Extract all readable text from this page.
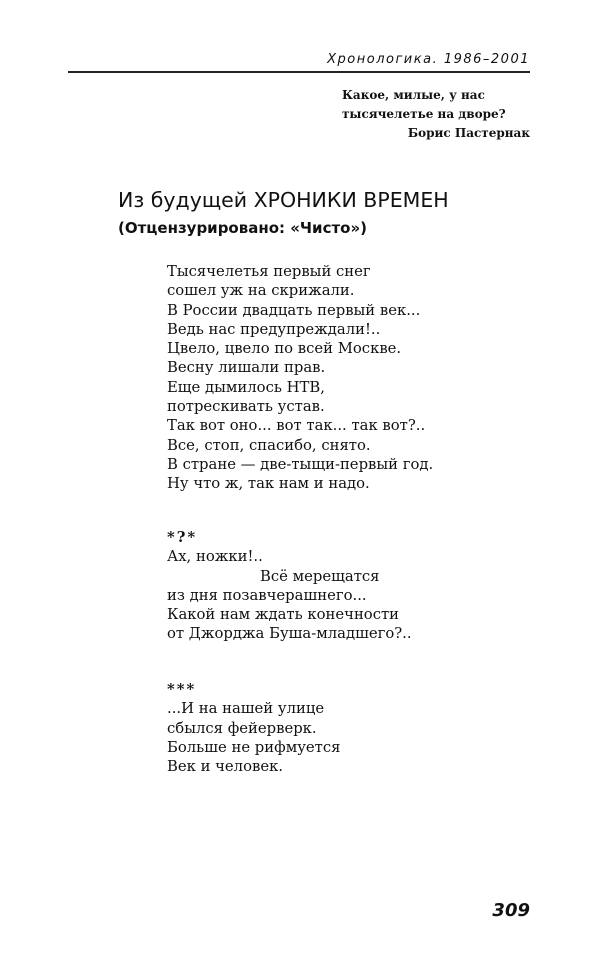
Хронологика. 1986–2001
Какое, милые, у нас
тысячелетье на дворе?
Борис Пастернак
Из будущей ХРОНИКИ ВРЕМЕН
(Отцензурировано: «Чисто»)
Тысячелетья первый снег
сошел уж на скрижали.
В России двадцать первый век...
Ведь нас предупреждали!..
Цвело, цвело по всей Москве.
Весну лишали прав.
Еще дымилось НТВ,
потрескивать устав.
Так вот оно... вот так... так вот?..
Все, стоп, спасибо, снято.
В стране — две-тыщи-первый год.
Ну что ж, так нам и надо.
*?*
Ах, ножки!..
Всё мерещатся
из дня позавчерашнего...
Какой нам ждать конечности
от Джорджа Буша-младшего?..
***
...И на нашей улице
сбылся фейерверк.
Больше не рифмуется
Век и человек.
309
